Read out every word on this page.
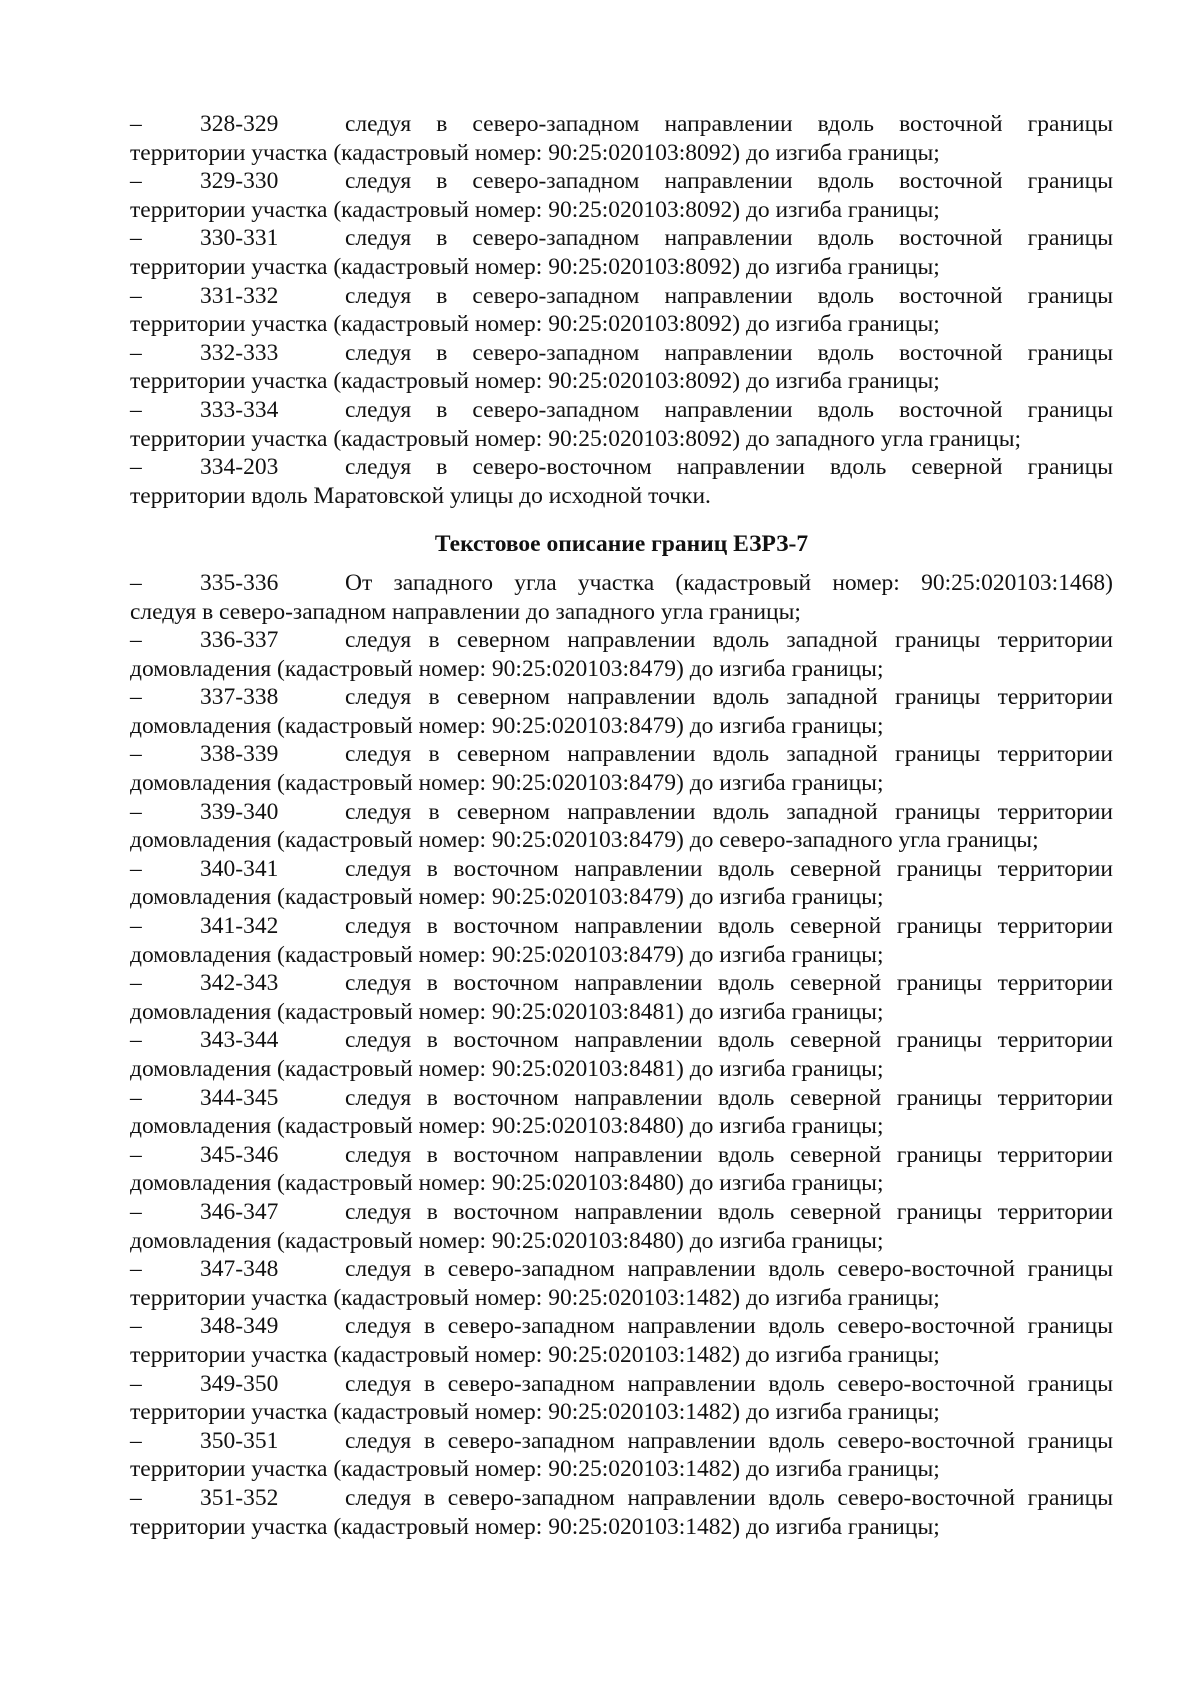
–	328-329	следуя в северо-западном направлении вдоль восточной границы
территории участка (кадастровый номер: 90:25:020103:8092) до изгиба границы;
–	329-330	следуя в северо-западном направлении вдоль восточной границы
территории участка (кадастровый номер: 90:25:020103:8092) до изгиба границы;
–	330-331	следуя в северо-западном направлении вдоль восточной границы
территории участка (кадастровый номер: 90:25:020103:8092) до изгиба границы;
–	331-332	следуя в северо-западном направлении вдоль восточной границы
территории участка (кадастровый номер: 90:25:020103:8092) до изгиба границы;
–	332-333	следуя в северо-западном направлении вдоль восточной границы
территории участка (кадастровый номер: 90:25:020103:8092) до изгиба границы;
–	333-334	следуя в северо-западном направлении вдоль восточной границы
территории участка (кадастровый номер: 90:25:020103:8092) до западного угла границы;
–	334-203	следуя в северо-восточном направлении вдоль северной границы
территории вдоль Маратовской улицы до исходной точки.
Текстовое описание границ ЕЗРЗ-7
–	335-336	От западного угла участка (кадастровый номер: 90:25:020103:1468)
следуя в северо-западном направлении до западного угла границы;
–	336-337	следуя в северном направлении вдоль западной границы территории
домовладения (кадастровый номер: 90:25:020103:8479) до изгиба границы;
–	337-338	следуя в северном направлении вдоль западной границы территории
домовладения (кадастровый номер: 90:25:020103:8479) до изгиба границы;
–	338-339	следуя в северном направлении вдоль западной границы территории
домовладения (кадастровый номер: 90:25:020103:8479) до изгиба границы;
–	339-340	следуя в северном направлении вдоль западной границы территории
домовладения (кадастровый номер: 90:25:020103:8479) до северо-западного угла границы;
–	340-341	следуя в восточном направлении вдоль северной границы территории
домовладения (кадастровый номер: 90:25:020103:8479) до изгиба границы;
–	341-342	следуя в восточном направлении вдоль северной границы территории
домовладения (кадастровый номер: 90:25:020103:8479) до изгиба границы;
–	342-343	следуя в восточном направлении вдоль северной границы территории
домовладения (кадастровый номер: 90:25:020103:8481) до изгиба границы;
–	343-344	следуя в восточном направлении вдоль северной границы территории
домовладения (кадастровый номер: 90:25:020103:8481) до изгиба границы;
–	344-345	следуя в восточном направлении вдоль северной границы территории
домовладения (кадастровый номер: 90:25:020103:8480) до изгиба границы;
–	345-346	следуя в восточном направлении вдоль северной границы территории
домовладения (кадастровый номер: 90:25:020103:8480) до изгиба границы;
–	346-347	следуя в восточном направлении вдоль северной границы территории
домовладения (кадастровый номер: 90:25:020103:8480) до изгиба границы;
–	347-348	следуя в северо-западном направлении вдоль северо-восточной границы
территории участка (кадастровый номер: 90:25:020103:1482) до изгиба границы;
–	348-349	следуя в северо-западном направлении вдоль северо-восточной границы
территории участка (кадастровый номер: 90:25:020103:1482) до изгиба границы;
–	349-350	следуя в северо-западном направлении вдоль северо-восточной границы
территории участка (кадастровый номер: 90:25:020103:1482) до изгиба границы;
–	350-351	следуя в северо-западном направлении вдоль северо-восточной границы
территории участка (кадастровый номер: 90:25:020103:1482) до изгиба границы;
–	351-352	следуя в северо-западном направлении вдоль северо-восточной границы
территории участка (кадастровый номер: 90:25:020103:1482) до изгиба границы;
